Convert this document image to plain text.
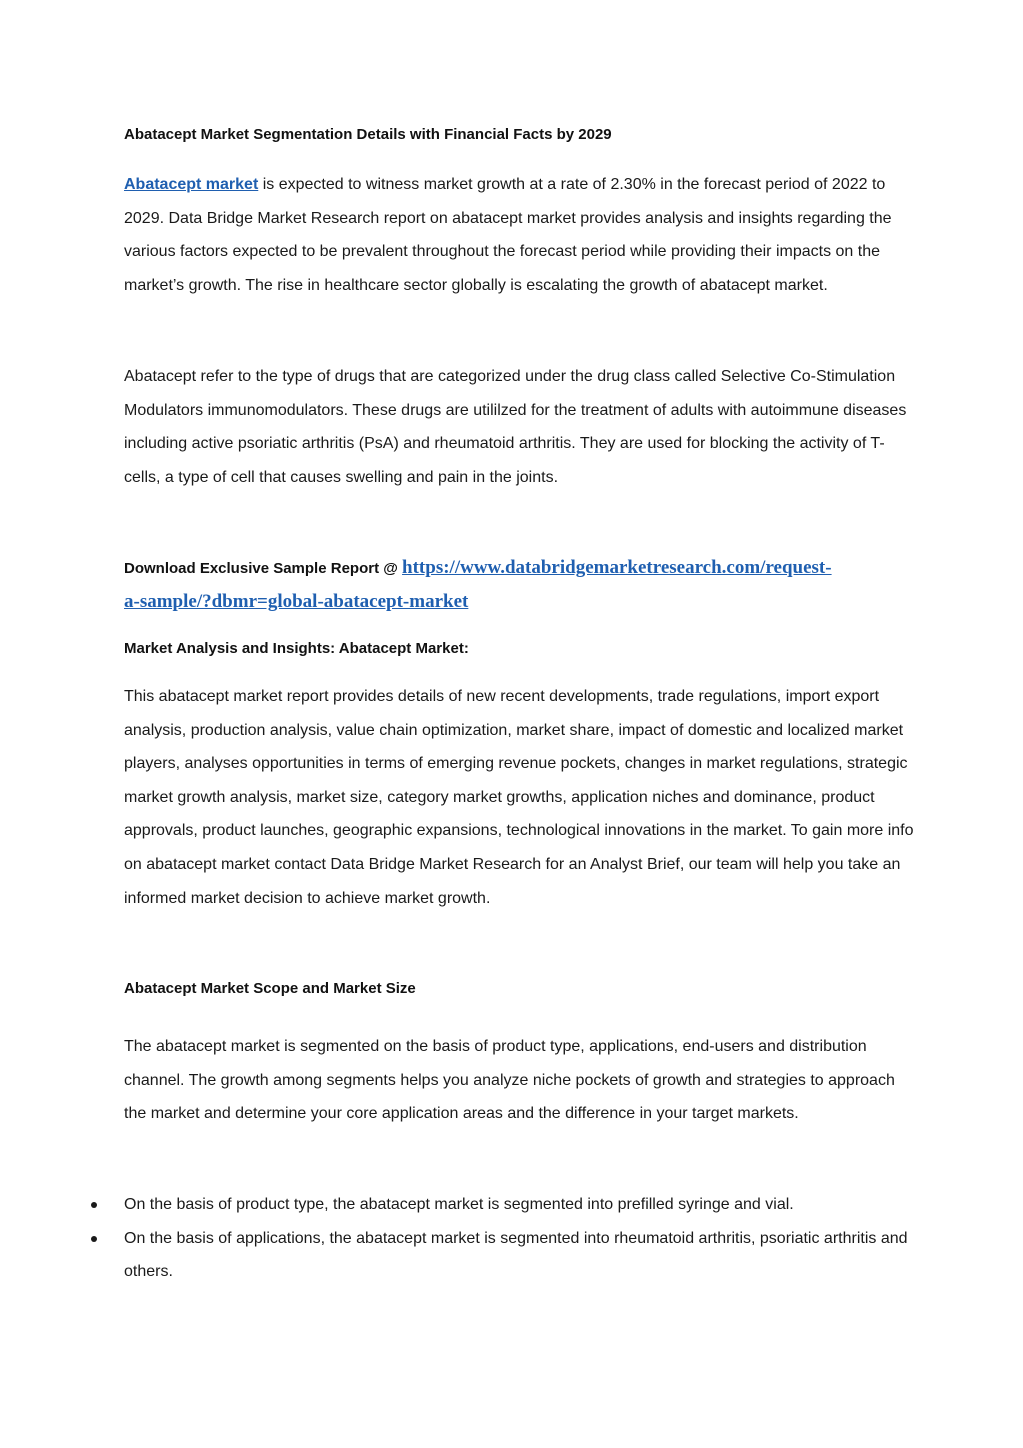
Abatacept Market Segmentation Details with Financial Facts by 2029

Abatacept market is expected to witness market growth at a rate of 2.30% in the forecast period of 2022 to 2029. Data Bridge Market Research report on abatacept market provides analysis and insights regarding the various factors expected to be prevalent throughout the forecast period while providing their impacts on the market’s growth. The rise in healthcare sector globally is escalating the growth of abatacept market.

Abatacept refer to the type of drugs that are categorized under the drug class called Selective Co-Stimulation Modulators immunomodulators. These drugs are utililzed for the treatment of adults with autoimmune diseases including active psoriatic arthritis (PsA) and rheumatoid arthritis. They are used for blocking the activity of T-cells, a type of cell that causes swelling and pain in the joints.

Download Exclusive Sample Report @ https://www.databridgemarketresearch.com/request-
a-sample/?dbmr=global-abatacept-market

Market Analysis and Insights: Abatacept Market:

This abatacept market report provides details of new recent developments, trade regulations, import export analysis, production analysis, value chain optimization, market share, impact of domestic and localized market players, analyses opportunities in terms of emerging revenue pockets, changes in market regulations, strategic market growth analysis, market size, category market growths, application niches and dominance, product approvals, product launches, geographic expansions, technological innovations in the market. To gain more info on abatacept market contact Data Bridge Market Research for an Analyst Brief, our team will help you take an informed market decision to achieve market growth.

Abatacept Market Scope and Market Size

The abatacept market is segmented on the basis of product type, applications, end-users and distribution channel. The growth among segments helps you analyze niche pockets of growth and strategies to approach the market and determine your core application areas and the difference in your target markets.

On the basis of product type, the abatacept market is segmented into prefilled syringe and vial.
On the basis of applications, the abatacept market is segmented into rheumatoid arthritis, psoriatic arthritis and others.
